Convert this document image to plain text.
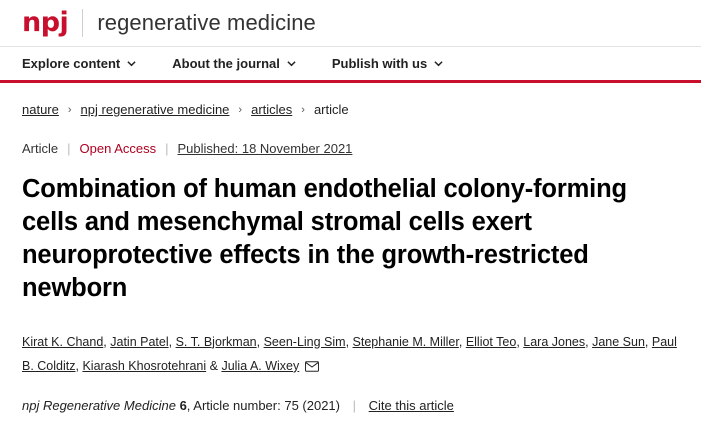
npj regenerative medicine
Explore content	About the journal	Publish with us
nature › npj regenerative medicine › articles › article
Article | Open Access | Published: 18 November 2021
Combination of human endothelial colony-forming cells and mesenchymal stromal cells exert neuroprotective effects in the growth-restricted newborn
Kirat K. Chand, Jatin Patel, S. T. Bjorkman, Seen-Ling Sim, Stephanie M. Miller, Elliot Teo, Lara Jones, Jane Sun, Paul B. Colditz, Kiarash Khosrotehrani & Julia A. Wixey
npj Regenerative Medicine 6, Article number: 75 (2021) | Cite this article
